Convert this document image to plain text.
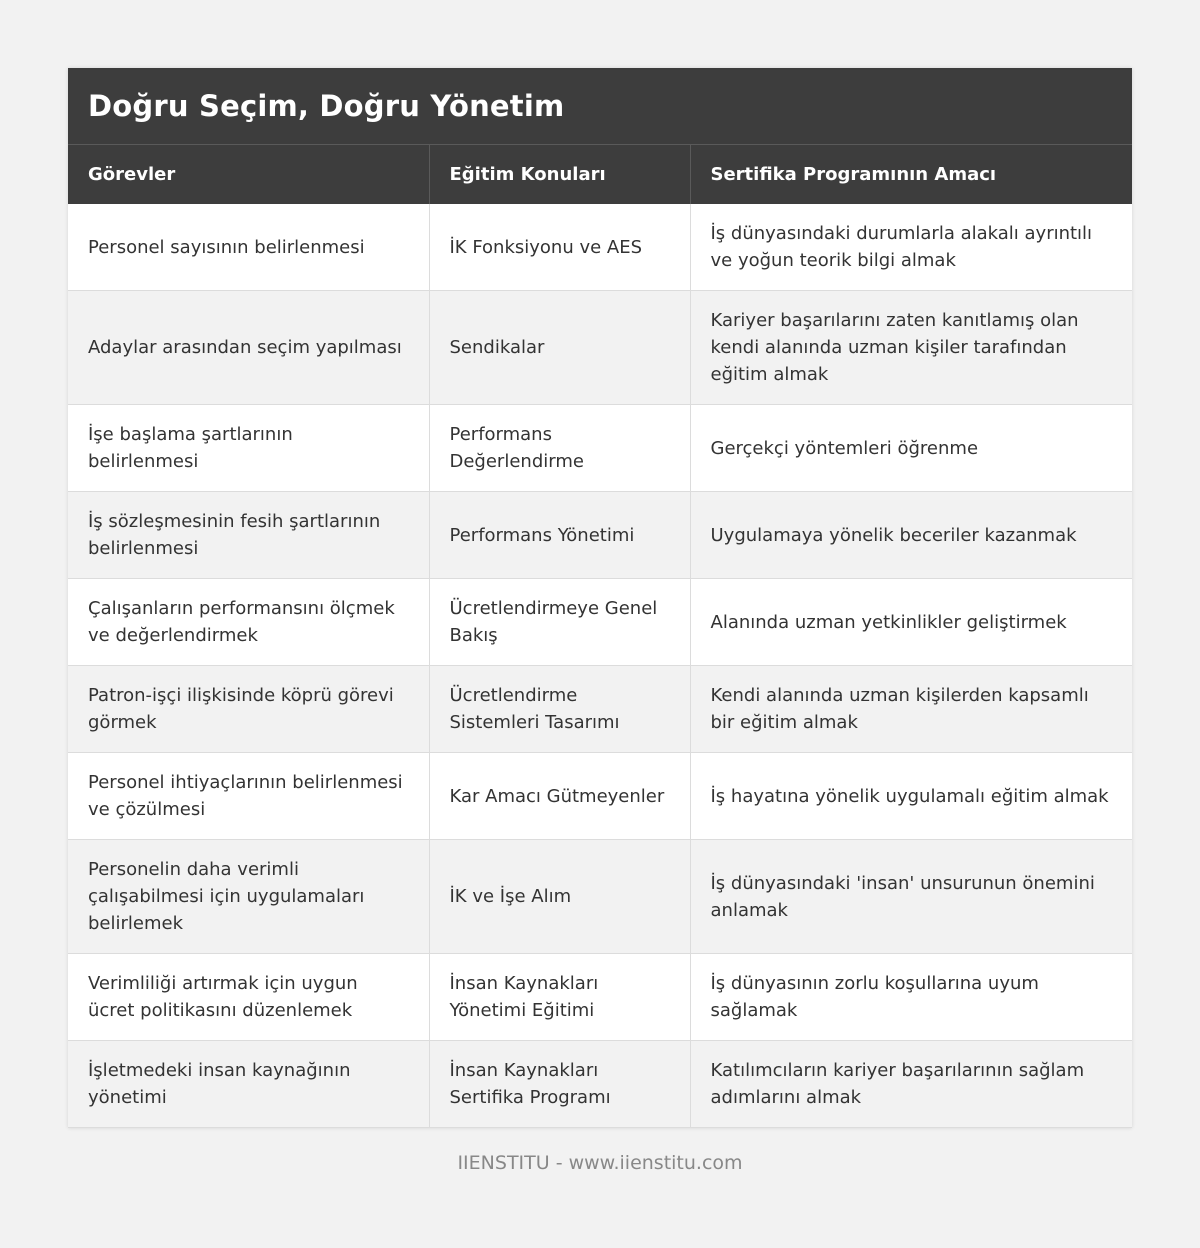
Doğru Seçim, Doğru Yönetim
Görevler	Eğitim Konuları	Sertifika Programının Amacı
Personel sayısının belirlenmesi	İK Fonksiyonu ve AES	İş dünyasındaki durumlarla alakalı ayrıntılı ve yoğun teorik bilgi almak
Adaylar arasından seçim yapılması	Sendikalar	Kariyer başarılarını zaten kanıtlamış olan kendi alanında uzman kişiler tarafından eğitim almak
İşe başlama şartlarının belirlenmesi	Performans Değerlendirme	Gerçekçi yöntemleri öğrenme
İş sözleşmesinin fesih şartlarının belirlenmesi	Performans Yönetimi	Uygulamaya yönelik beceriler kazanmak
Çalışanların performansını ölçmek ve değerlendirmek	Ücretlendirmeye Genel Bakış	Alanında uzman yetkinlikler geliştirmek
Patron-işçi ilişkisinde köprü görevi görmek	Ücretlendirme Sistemleri Tasarımı	Kendi alanında uzman kişilerden kapsamlı bir eğitim almak
Personel ihtiyaçlarının belirlenmesi ve çözülmesi	Kar Amacı Gütmeyenler	İş hayatına yönelik uygulamalı eğitim almak
Personelin daha verimli çalışabilmesi için uygulamaları belirlemek	İK ve İşe Alım	İş dünyasındaki 'insan' unsurunun önemini anlamak
Verimliliği artırmak için uygun ücret politikasını düzenlemek	İnsan Kaynakları Yönetimi Eğitimi	İş dünyasının zorlu koşullarına uyum sağlamak
İşletmedeki insan kaynağının yönetimi	İnsan Kaynakları Sertifika Programı	Katılımcıların kariyer başarılarının sağlam adımlarını almak
IIENSTITU - www.iienstitu.com
